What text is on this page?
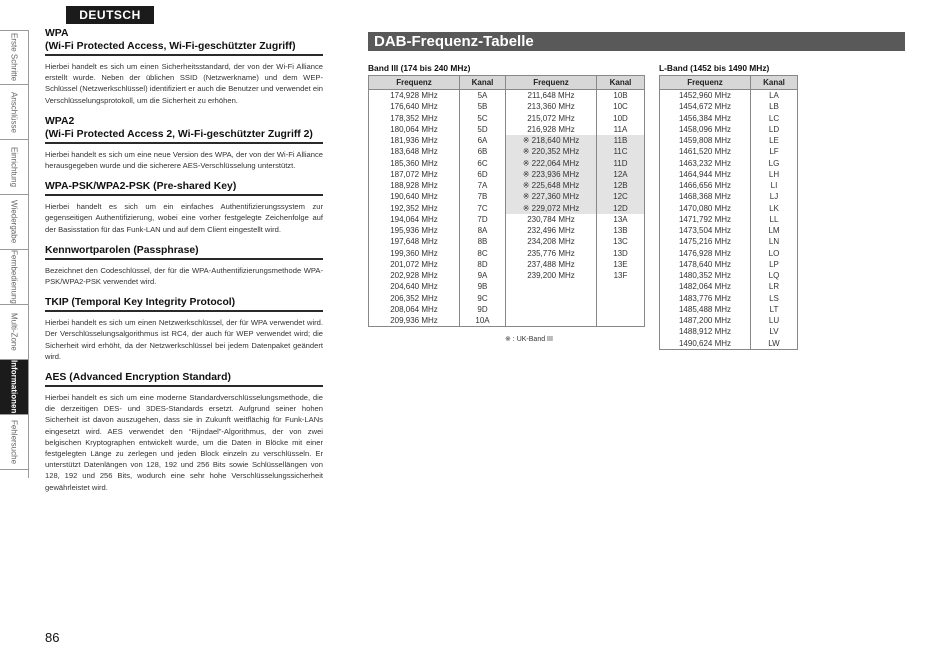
DEUTSCH
Erste Schritte
Anschlüsse
Einrichtung
Wiedergabe
Fernbedienung
Multi-Zone
Informationen
Fehlersuche
WPA
(Wi-Fi Protected Access, Wi-Fi-geschützter Zugriff)
Hierbei handelt es sich um einen Sicherheitsstandard, der von der Wi-Fi Alliance erstellt wurde. Neben der üblichen SSID (Netzwerkname) und dem WEP-Schlüssel (Netzwerkschlüssel) identifiziert er auch die Benutzer und verwendet ein Verschlüsselungsprotokoll, um die Sicherheit zu erhöhen.
WPA2
(Wi-Fi Protected Access 2, Wi-Fi-geschützter Zugriff 2)
Hierbei handelt es sich um eine neue Version des WPA, der von der Wi-Fi Alliance herausgegeben wurde und die sicherere AES-Verschlüsselung unterstützt.
WPA-PSK/WPA2-PSK (Pre-shared Key)
Hierbei handelt es sich um ein einfaches Authentifizierungssystem zur gegenseitigen Authentifizierung, wobei eine vorher festgelegte Zeichenfolge auf der Basisstation für das Funk-LAN und auf dem Client eingestellt wird.
Kennwortparolen (Passphrase)
Bezeichnet den Codeschlüssel, der für die WPA-Authentifizierungsmethode WPA-PSK/WPA2-PSK verwendet wird.
TKIP (Temporal Key Integrity Protocol)
Hierbei handelt es sich um einen Netzwerkschlüssel, der für WPA verwendet wird. Der Verschlüsselungsalgorithmus ist RC4, der auch für WEP verwendet wird; die Sicherheit wird erhöht, da der Netzwerkschlüssel bei jedem Datenpaket geändert wird.
AES (Advanced Encryption Standard)
Hierbei handelt es sich um eine moderne Standardverschlüsselungsmethode, die die derzeitigen DES- und 3DES-Standards ersetzt. Aufgrund seiner hohen Sicherheit ist davon auszugehen, dass sie in Zukunft weitflächig für Funk-LANs eingesetzt wird. AES verwendet den “Rijndael”-Algorithmus, der von zwei belgischen Kryptographen entwickelt wurde, um die Daten in Blöcke mit einer festgelegten Länge zu zerlegen und jeden Block einzeln zu verschlüsseln. Er unterstützt Datenlängen von 128, 192 und 256 Bits sowie Schlüssellängen von 128, 192 und 256 Bits, wodurch eine sehr hohe Verschlüsselungssicherheit gewährleistet wird.
86
DAB-Frequenz-Tabelle
Band III (174 bis 240 MHz)	L-Band (1452 bis 1490 MHz)
Frequenz	Kanal	Frequenz	Kanal
174,928 MHz	5A	211,648 MHz	10B
176,640 MHz	5B	213,360 MHz	10C
178,352 MHz	5C	215,072 MHz	10D
180,064 MHz	5D	216,928 MHz	11A
181,936 MHz	6A	※ 218,640 MHz	11B
183,648 MHz	6B	※ 220,352 MHz	11C
185,360 MHz	6C	※ 222,064 MHz	11D
187,072 MHz	6D	※ 223,936 MHz	12A
188,928 MHz	7A	※ 225,648 MHz	12B
190,640 MHz	7B	※ 227,360 MHz	12C
192,352 MHz	7C	※ 229,072 MHz	12D
194,064 MHz	7D	230,784 MHz	13A
195,936 MHz	8A	232,496 MHz	13B
197,648 MHz	8B	234,208 MHz	13C
199,360 MHz	8C	235,776 MHz	13D
201,072 MHz	8D	237,488 MHz	13E
202,928 MHz	9A	239,200 MHz	13F
204,640 MHz	9B		
206,352 MHz	9C		
208,064 MHz	9D		
209,936 MHz	10A		
※ : UK-Band III
Frequenz	Kanal
1452,960 MHz	LA
1454,672 MHz	LB
1456,384 MHz	LC
1458,096 MHz	LD
1459,808 MHz	LE
1461,520 MHz	LF
1463,232 MHz	LG
1464,944 MHz	LH
1466,656 MHz	LI
1468,368 MHz	LJ
1470,080 MHz	LK
1471,792 MHz	LL
1473,504 MHz	LM
1475,216 MHz	LN
1476,928 MHz	LO
1478,640 MHz	LP
1480,352 MHz	LQ
1482,064 MHz	LR
1483,776 MHz	LS
1485,488 MHz	LT
1487,200 MHz	LU
1488,912 MHz	LV
1490,624 MHz	LW
